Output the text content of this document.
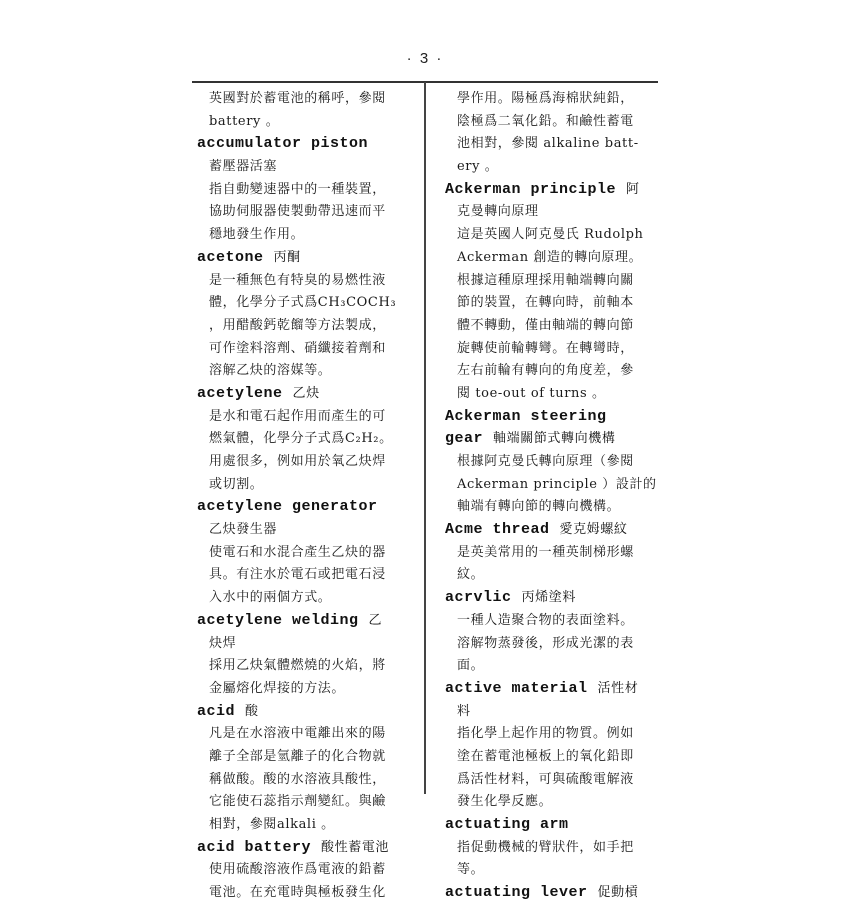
· 3 ·
英國對於蓄電池的稱呼，參閱
battery 。
accumulator piston
蓄壓器活塞
指自動變速器中的一種裝置，
協助伺服器使製動帶迅速而平
穩地發生作用。
acetone 丙酮
是一種無色有特臭的易燃性液
體，化學分子式爲CH₃COCH₃
，用醋酸鈣乾餾等方法製成，
可作塗料溶劑、硝纖接着劑和
溶解乙炔的溶媒等。
acetylene 乙炔
是水和電石起作用而產生的可
燃氣體，化學分子式爲C₂H₂。
用處很多，例如用於氧乙炔焊
或切割。
acetylene generator
乙炔發生器
使電石和水混合產生乙炔的器
具。有注水於電石或把電石浸
入水中的兩個方式。
acetylene welding 乙
炔焊
採用乙炔氣體燃燒的火焰，將
金屬熔化焊接的方法。
acid 酸
凡是在水溶液中電離出來的陽
離子全部是氫離子的化合物就
稱做酸。酸的水溶液具酸性，
它能使石蕊指示劑變紅。與鹼
相對，參閱alkali 。
acid battery 酸性蓄電池
使用硫酸溶液作爲電液的鉛蓄
電池。在充電時與極板發生化
學作用。陽極爲海棉狀純鉛，
陰極爲二氧化鉛。和鹼性蓄電
池相對，參閱 alkaline batt-
ery 。
Ackerman principle 阿
克曼轉向原理
這是英國人阿克曼氏 Rudolph
Ackerman 創造的轉向原理。
根據這種原理採用軸端轉向關
節的裝置，在轉向時，前軸本
體不轉動，僅由軸端的轉向節
旋轉使前輪轉彎。在轉彎時，
左右前輪有轉向的角度差，參
閱 toe-out of turns 。
Ackerman steering
gear 軸端關節式轉向機構
根據阿克曼氏轉向原理（參閱
Ackerman principle ）設計的
軸端有轉向節的轉向機構。
Acme thread 愛克姆螺紋
是英美常用的一種英制梯形螺
紋。
acrvlic 丙烯塗料
一種人造聚合物的表面塗料。
溶解物蒸發後，形成光潔的表
面。
active material 活性材
料
指化學上起作用的物質。例如
塗在蓄電池極板上的氧化鉛即
爲活性材料，可與硫酸電解液
發生化學反應。
actuating arm
指促動機械的臂狀件，如手把
等。
actuating lever 促動槓
